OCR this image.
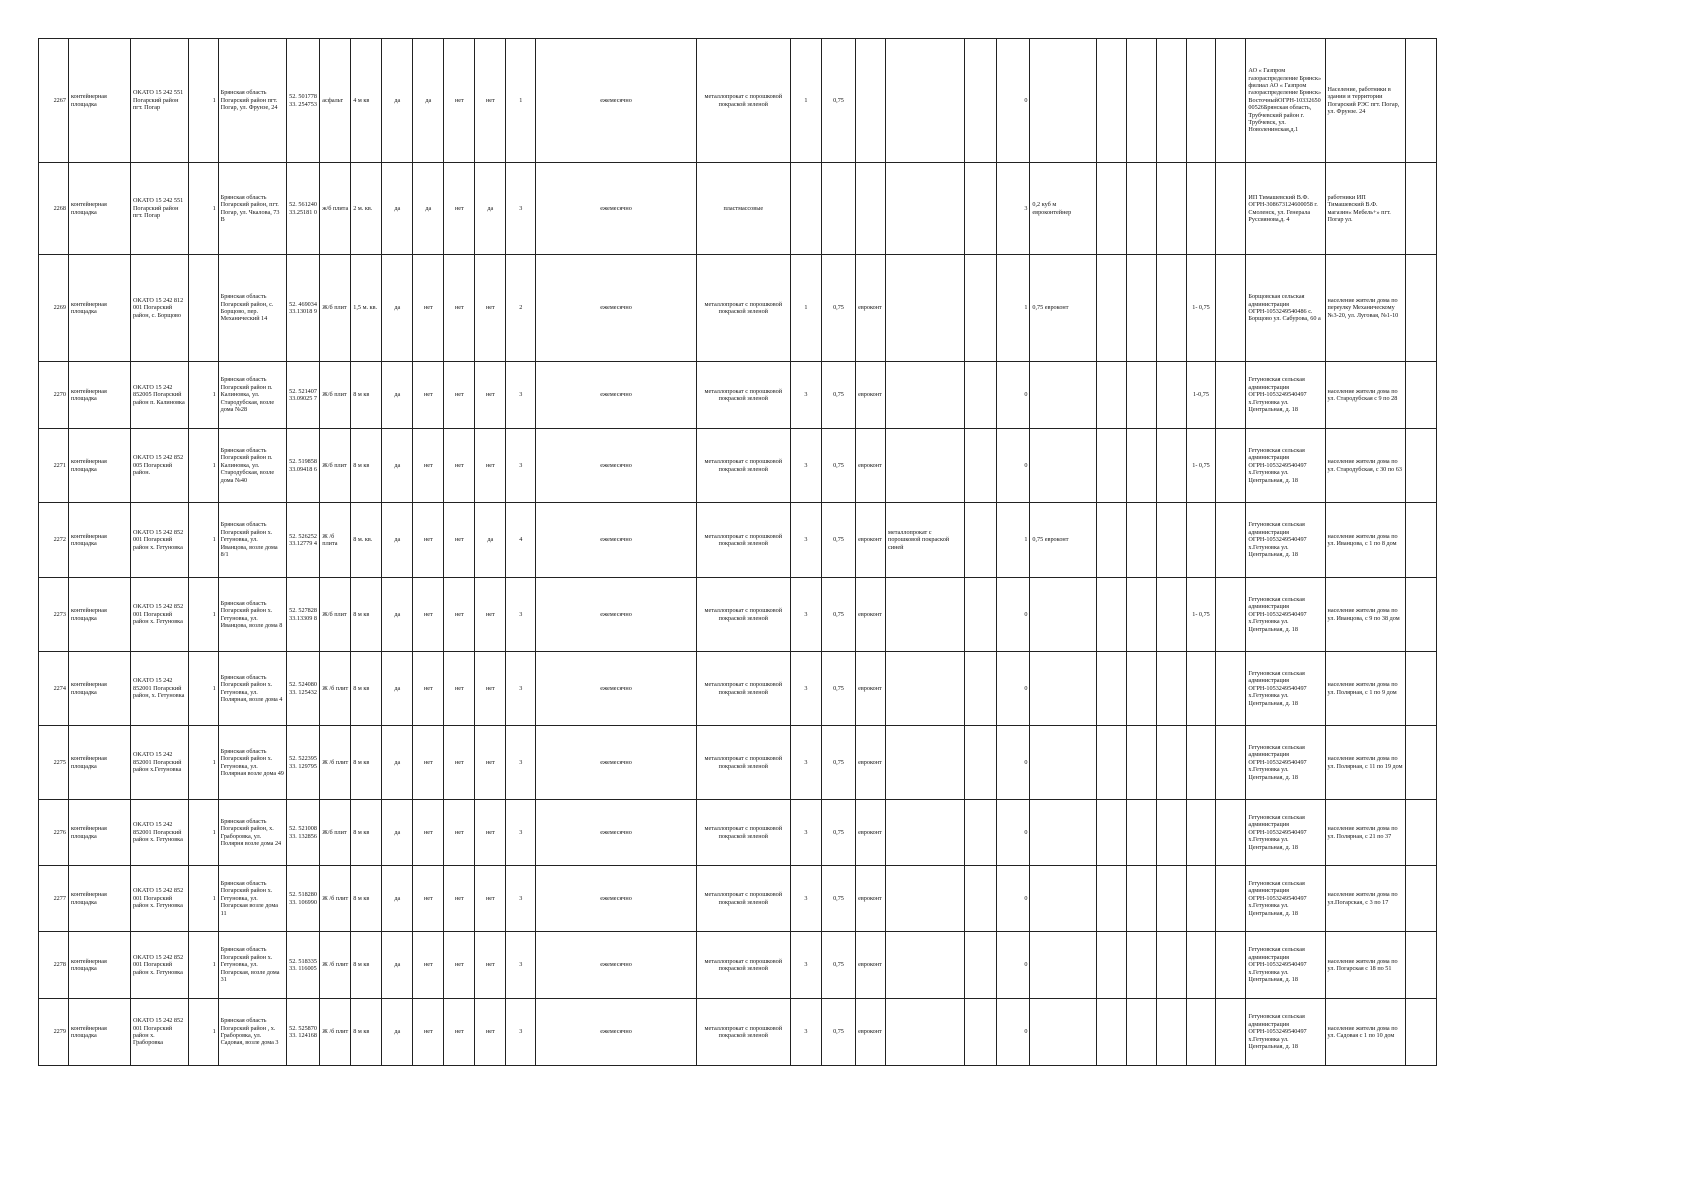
2267	контейнерная площадка	OKATO 15 242 551 Погарский район пгт. Погар	1	Брянская область Погарский район пгт. Погар, ул. Фрунзе, 24	52. 501778 33. 254753	асфальт	4 м кв	да	да	нет	нет	1	ежемесячно	металлопрокат с порошковой покраской зеленой	1	0,75				0							АО « Газпром газораспределение Брянск» филиал АО « Газпром газораспределение Брянск» ВосточныйОГРН-1033265000526Брянская область, Трубчевский район г. Трубчевск, ул. Новоленинская,д.1	Население, работники в здании и территории Погарский РЭС пгт. Погар, ул. Фрунзе. 24	
2268	контейнерная площадка	OKATO 15 242 551 Погарский район пгт. Погар	1	Брянская область Погарский район, пгт. Погар, ул. Чкалова, 73 В	52. 561240 33.25181 0	ж/б плита	2 м. кв.	да	да	нет	да	3	ежемесячно	пластмассовые						3	0,2 куб м евроконтейнер						ИП Тимашевский В.Ф. ОГРН-308673124600058 г. Смоленск, ул. Генерала Руссиянова,д. 4	работники ИП Тимашевский В.Ф. магазин« Мебель+» пгт. Погар ул.	
2269	контейнерная площадка	OKATO 15 242 812 001 Погарский район, с. Борщово		Брянская область Погарский район, с. Борщово, пер. Механический 14	52. 469034 33.13018 9	Ж/б плит	1,5 м. кв.	да	нет	нет	нет	2	ежемесячно	металлопрокат с порошковой покраской зеленой	1	0,75	евроконт			1	0,75 евроконт				1- 0,75		Борщовская сельская администрация ОГРН-1053249540486 с. Борщово ул. Сабурова, 60 а	население жители дома по переулку Механическому №3-20, ул. Луговая, №1-10	
2270	контейнерная площадка	OKATO 15 242 852005 Погарский район п. Калиновка	1	Брянская область Погарский район п. Калиновка, ул. Стародубская, возле дома №28	52. 521407 33.09025 7	Ж/б плит	8 м кв	да	нет	нет	нет	3	ежемесячно	металлопрокат с порошковой покраской зеленой	3	0,75	евроконт			0					1-0,75		Гетуновская сельская администрация ОГРН-1053249540497 х.Гетуновка ул. Центральная, д. 18	население жители дома по ул. Стародубская с 9 по 28	
2271	контейнерная площадка	OKATO 15 242 852 005 Погарский район.	1	Брянская область Погарский район п. Калиновка, ул. Стародубская, возле дома №40	52. 519858 33.09418 6	Ж/б плит	8 м кв	да	нет	нет	нет	3	ежемесячно	металлопрокат с порошковой покраской зеленой	3	0,75	евроконт			0					1- 0,75		Гетуновская сельская администрация ОГРН-1053249540497 х.Гетуновка ул. Центральная, д. 18	население жители дома по ул. Стародубская, с 30 по 63	
2272	контейнерная площадка	OKATO 15 242 852 001 Погарский район х. Гетуновка	1	Брянская область Погарский район х. Гетуновка, ул. Иванцова, возле дома 8/1	52. 526252 33.12779 4	Ж /б плита	8 м. кв.	да	нет	нет	да	4	ежемесячно	металлопрокат с порошковой покраской зеленой	3	0,75	евроконт	металлопрокат с порошковой покраской синей		1	0,75 евроконт						Гетуновская сельская администрация ОГРН-1053249540497 х.Гетуновка ул. Центральная, д. 18	население жители дома по ул. Иванцова, с 1 по 8 дом	
2273	контейнерная площадка	OKATO 15 242 852 001 Погарский район х. Гетуновка	1	Брянская область Погарский район х. Гетуновка, ул. Иванцова, возле дома 8	52. 527828 33.13309 8	Ж/б плит	8 м кв	да	нет	нет	нет	3	ежемесячно	металлопрокат с порошковой покраской зеленой	3	0,75	евроконт			0					1- 0,75		Гетуновская сельская администрация ОГРН-1053249540497 х.Гетуновка ул. Центральная, д. 18	население жители дома по ул. Иванцова, с 9 по 38 дом	
2274	контейнерная площадка	OKATO 15 242 852001 Погарский район, х. Гетуновка	1	Брянская область Погарский район х. Гетуновка, ул. Полярная, возле дома 4	52. 524080 33. 125432	Ж /б плит	8 м кв	да	нет	нет	нет	3	ежемесячно	металлопрокат с порошковой покраской зеленой	3	0,75	евроконт			0							Гетуновская сельская администрация ОГРН-1053249540497 х.Гетуновка ул. Центральная, д. 18	население жители дома по ул. Полярная, с 1 по 9 дом	
2275	контейнерная площадка	OKATO 15 242 852001 Погарский район х.Гетуновка	1	Брянская область Погарский район х. Гетуновка, ул. Полярная возле дома 49	52. 522395 33. 129795	Ж /б плит	8 м кв	да	нет	нет	нет	3	ежемесячно	металлопрокат с порошковой покраской зеленой	3	0,75	евроконт			0							Гетуновская сельская администрация ОГРН-1053249540497 х.Гетуновка ул. Центральная, д. 18	население жители дома по ул. Полярная, с 11 по 19 дом	
2276	контейнерная площадка	OKATO 15 242 852001 Погарский район х. Гетуновка	1	Брянская область Погарский район, х. Граборовка, ул. Полярня возле дома 24	52. 521008 33. 132856	Ж/б плит	8 м кв	да	нет	нет	нет	3	ежемесячно	металлопрокат с порошковой покраской зеленой	3	0,75	евроконт			0							Гетуновская сельская администрация ОГРН-1053249540497 х.Гетуновка ул. Центральная, д. 18	население жители дома по ул. Полярная, с 21 по 37	
2277	контейнерная площадка	OKATO 15 242 852 001 Погарский район х. Гетуновка	1	Брянская область Погарский район х. Гетуновка, ул. Погарская возле дома 11	52. 518280 33. 106990	Ж /б плит	8 м кв	да	нет	нет	нет	3	ежемесячно	металлопрокат с порошковой покраской зеленой	3	0,75	евроконт			0							Гетуновская сельская администрация ОГРН-1053249540497 х.Гетуновка ул. Центральная, д. 18	население жители дома по ул.Погарская, с 3 по 17	
2278	контейнерная площадка	OKATO 15 242 852 001 Погарский район х. Гетуновка	1	Брянская область Погарский район х. Гетуновка, ул. Погарская, возле дома 31	52. 518335 33. 116005	Ж /б плит	8 м кв	да	нет	нет	нет	3	ежемесячно	металлопрокат с порошковой покраской зеленой	3	0,75	евроконт			0							Гетуновская сельская администрация ОГРН-1053249540497 х.Гетуновка ул. Центральная, д. 18	население жители дома по ул. Погарская с 18 по 51	
2279	контейнерная площадка	OKATO 15 242 852 001 Погарский район х. Граборовка	1	Брянская область Погарский район , х. Граборовка, ул. Садовая, возле дома 3	52. 525870 33. 124168	Ж /б плит	8 м кв	да	нет	нет	нет	3	ежемесячно	металлопрокат с порошковой покраской зеленой	3	0,75	евроконт			0							Гетуновская сельская администрация ОГРН-1053249540497 х.Гетуновка ул. Центральная, д. 18	население жители дома по ул. Садовая с 1 по 10 дом	
